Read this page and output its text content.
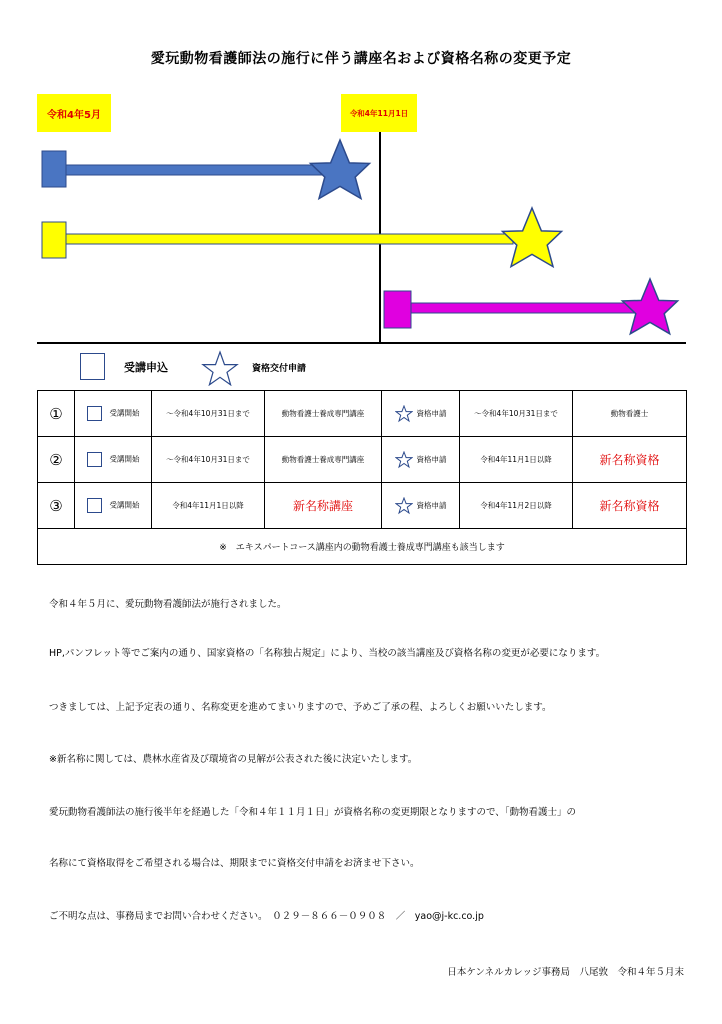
愛玩動物看護師法の施行に伴う講座名および資格名称の変更予定
令和4年5月	令和4年11月1日
受講申込	資格交付申請
①	受講開始	～令和4年10月31日まで	動物看護士養成専門講座	資格申請	～令和4年10月31日まで	動物看護士
②	受講開始	～令和4年10月31日まで	動物看護士養成専門講座	資格申請	令和4年11月1日以降	新名称資格
③	受講開始	令和4年11月1日以降	新名称講座	資格申請	令和4年11月2日以降	新名称資格
※　エキスパートコース講座内の動物看護士養成専門講座も該当します						
令和４年５月に、愛玩動物看護師法が施行されました。
HP,パンフレット等でご案内の通り、国家資格の「名称独占規定」により、当校の該当講座及び資格名称の変更が必要になります。
つきましては、上記予定表の通り、名称変更を進めてまいりますので、予めご了承の程、よろしくお願いいたします。
※新名称に関しては、農林水産省及び環境省の見解が公表された後に決定いたします。
愛玩動物看護師法の施行後半年を経過した「令和４年１１月１日」が資格名称の変更期限となりますので、「動物看護士」の
名称にて資格取得をご希望される場合は、期限までに資格交付申請をお済ませ下さい。
ご不明な点は、事務局までお問い合わせください。　０２９－８６６－０９０８　／　yao@j-kc.co.jp
日本ケンネルカレッジ事務局　八尾敦　令和４年５月末
